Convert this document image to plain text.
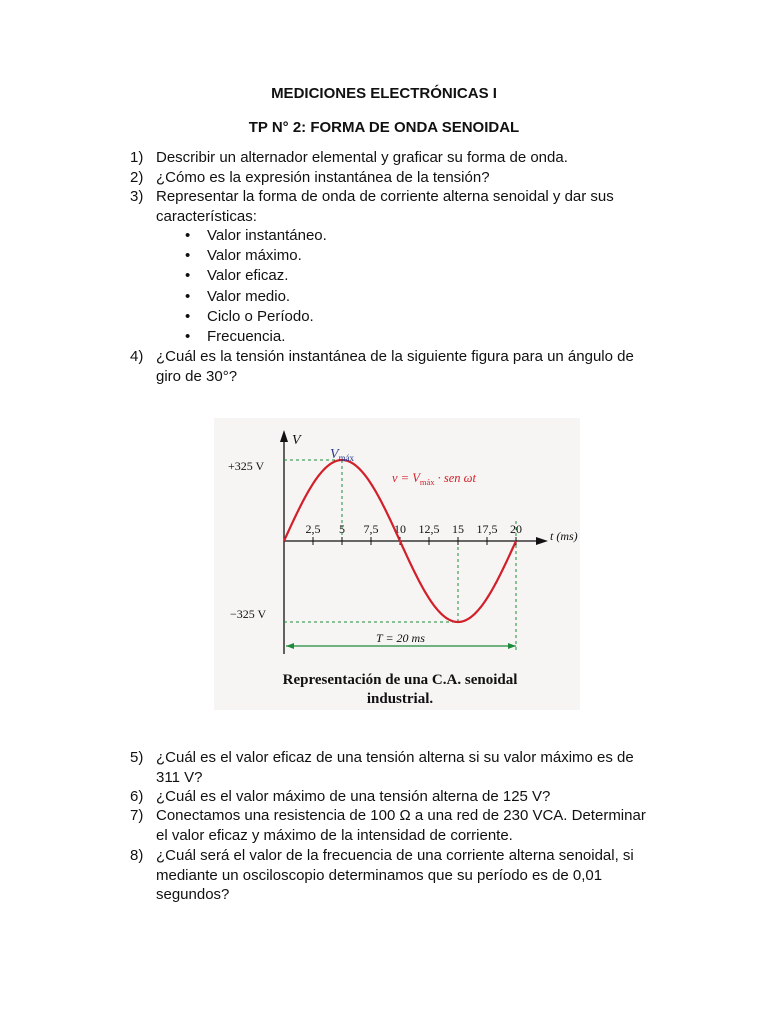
MEDICIONES ELECTRÓNICAS I
TP N° 2: FORMA DE ONDA SENOIDAL
1) Describir un alternador elemental y graficar su forma de onda.
2) ¿Cómo es la expresión instantánea de la tensión?
3) Representar la forma de onda de corriente alterna senoidal y dar sus características:
• Valor instantáneo.
• Valor máximo.
• Valor eficaz.
• Valor medio.
• Ciclo o Período.
• Frecuencia.
4) ¿Cuál es la tensión instantánea de la siguiente figura para un ángulo de giro de 30°?
5) ¿Cuál es el valor eficaz de una tensión alterna si su valor máximo es de 311 V?
6) ¿Cuál es el valor máximo de una tensión alterna de 125 V?
7) Conectamos una resistencia de 100 Ω a una red de 230 VCA. Determinar el valor eficaz y máximo de la intensidad de corriente.
8) ¿Cuál será el valor de la frecuencia de una corriente alterna senoidal, si mediante un osciloscopio determinamos que su período es de 0,01 segundos?
V
t (ms)
2,5 5 7,5 10 12,5 15 17,5 20
+325 V
−325 V
$V_{máx}$
$v = V_{máx}$ · sen ωt
T = 20 ms
Representación de una C.A. senoidal
industrial.
